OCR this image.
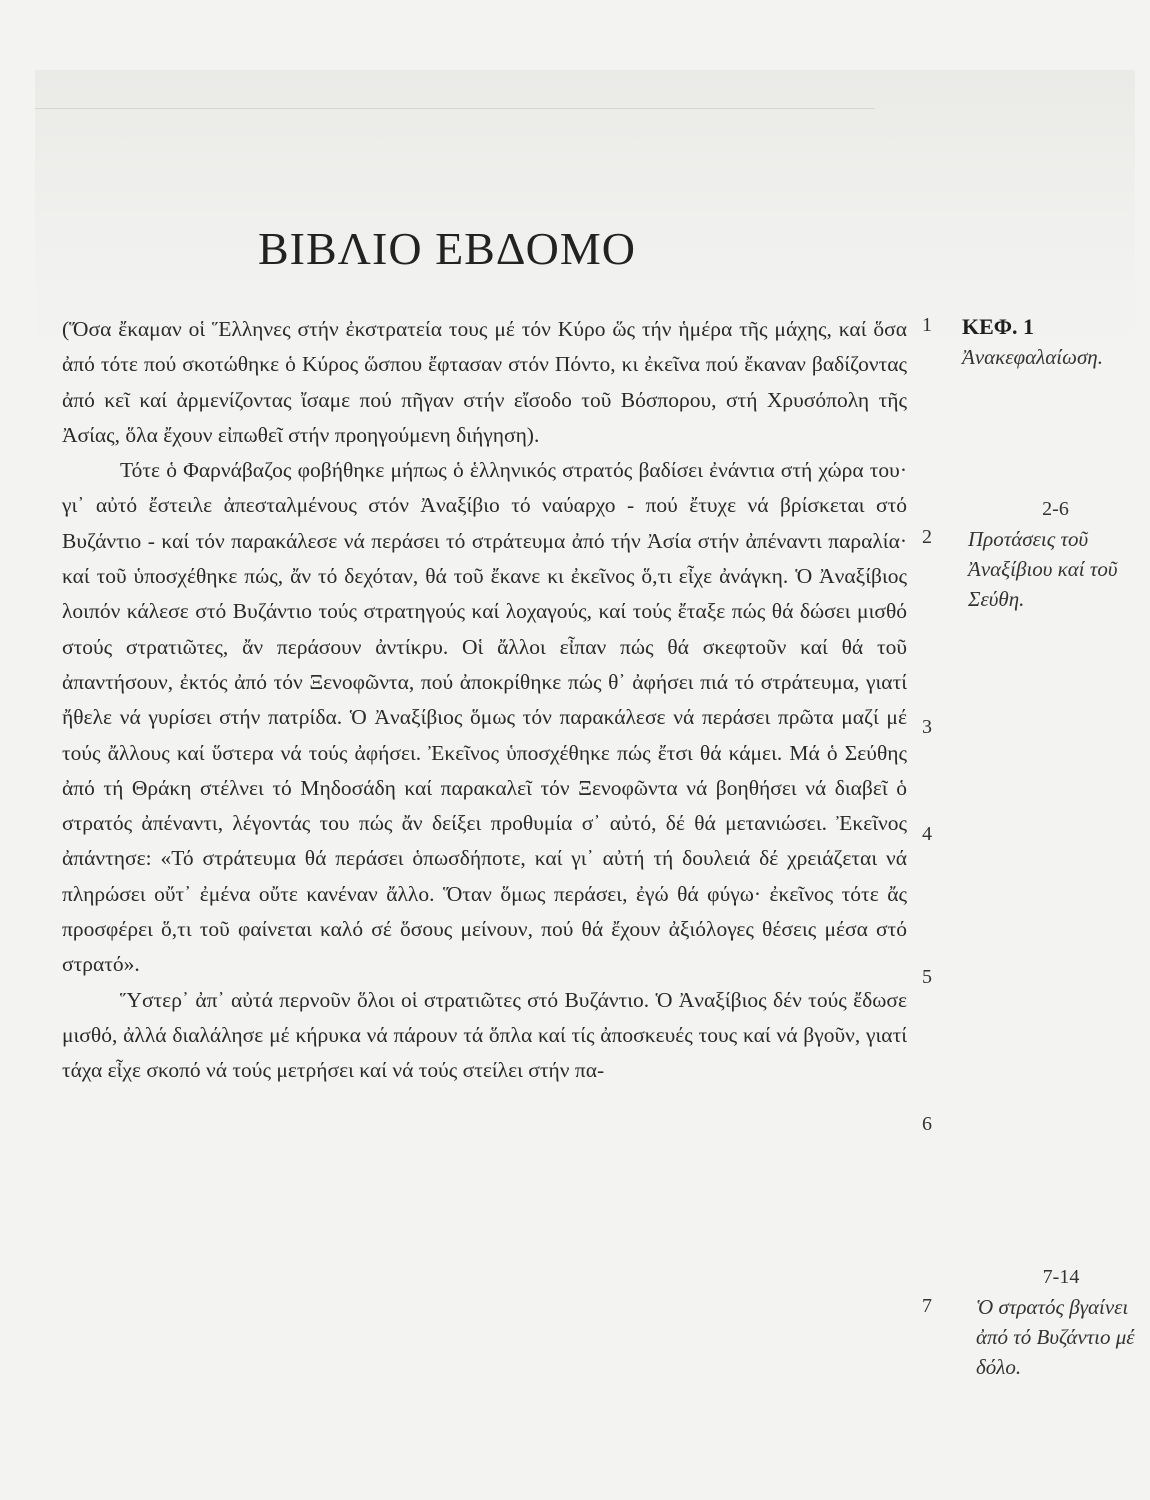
ΒΙΒΛΙΟ ΕΒΔΟΜΟ

(Ὅσα ἔκαμαν οἱ Ἕλληνες στήν ἐκστρατεία τους μέ τόν Κύρο ὥς τήν ἡμέρα τῆς μάχης, καί ὅσα ἀπό τότε πού σκοτώθηκε ὁ Κύρος ὥσπου ἔφτασαν στόν Πόντο, κι ἐκεῖνα πού ἔκαναν βαδίζοντας ἀπό κεῖ καί ἀρμενίζοντας ἴσαμε πού πῆγαν στήν εἴσοδο τοῦ Βόσπορου, στή Χρυσόπολη τῆς Ἀσίας, ὅλα ἔχουν εἰπωθεῖ στήν προηγούμενη διήγηση).

Τότε ὁ Φαρνάβαζος φοβήθηκε μήπως ὁ ἑλληνικός στρατός βαδίσει ἐνάντια στή χώρα του· γι᾽ αὐτό ἔστειλε ἀπεσταλμένους στόν Ἀναξίβιο τό ναύαρχο - πού ἔτυχε νά βρίσκεται στό Βυζάντιο - καί τόν παρακάλεσε νά περάσει τό στράτευμα ἀπό τήν Ἀσία στήν ἀπέναντι παραλία· καί τοῦ ὑποσχέθηκε πώς, ἄν τό δεχόταν, θά τοῦ ἔκανε κι ἐκεῖνος ὅ,τι εἶχε ἀνάγκη. Ὁ Ἀναξίβιος λοιπόν κάλεσε στό Βυζάντιο τούς στρατηγούς καί λοχαγούς, καί τούς ἔταξε πώς θά δώσει μισθό στούς στρατιῶτες, ἄν περάσουν ἀντίκρυ. Οἱ ἄλλοι εἶπαν πώς θά σκεφτοῦν καί θά τοῦ ἀπαντήσουν, ἐκτός ἀπό τόν Ξενοφῶντα, πού ἀποκρίθηκε πώς θ᾽ ἀφήσει πιά τό στράτευμα, γιατί ἤθελε νά γυρίσει στήν πατρίδα. Ὁ Ἀναξίβιος ὅμως τόν παρακάλεσε νά περάσει πρῶτα μαζί μέ τούς ἄλλους καί ὕστερα νά τούς ἀφήσει. Ἐκεῖνος ὑποσχέθηκε πώς ἔτσι θά κάμει. Μά ὁ Σεύθης ἀπό τή Θράκη στέλνει τό Μηδοσάδη καί παρακαλεῖ τόν Ξενοφῶντα νά βοηθήσει νά διαβεῖ ὁ στρατός ἀπέναντι, λέγοντάς του πώς ἄν δείξει προθυμία σ᾽ αὐτό, δέ θά μετανιώσει. Ἐκεῖνος ἀπάντησε: «Τό στράτευμα θά περάσει ὁπωσδήποτε, καί γι᾽ αὐτή τή δουλειά δέ χρειάζεται νά πληρώσει οὔτ᾽ ἐμένα οὔτε κανέναν ἄλλο. Ὅταν ὅμως περάσει, ἐγώ θά φύγω· ἐκεῖνος τότε ἄς προσφέρει ὅ,τι τοῦ φαίνεται καλό σέ ὅσους μείνουν, πού θά ἔχουν ἀξιόλογες θέσεις μέσα στό στρατό».

Ὕστερ᾽ ἀπ᾽ αὐτά περνοῦν ὅλοι οἱ στρατιῶτες στό Βυζάντιο. Ὁ Ἀναξίβιος δέν τούς ἔδωσε μισθό, ἀλλά διαλάλησε μέ κήρυκα νά πάρουν τά ὅπλα καί τίς ἀποσκευές τους καί νά βγοῦν, γιατί τάχα εἶχε σκοπό νά τούς μετρήσει καί νά τούς στείλει στήν πα-

1
2
3
4
5
6
7
ΚΕΦ. 1
Ἀνακεφαλαίωση.
2-6
Προτάσεις τοῦ Ἀναξίβιου καί τοῦ Σεύθη.
7-14
Ὁ στρατός βγαίνει ἀπό τό Βυζάντιο μέ δόλο.
